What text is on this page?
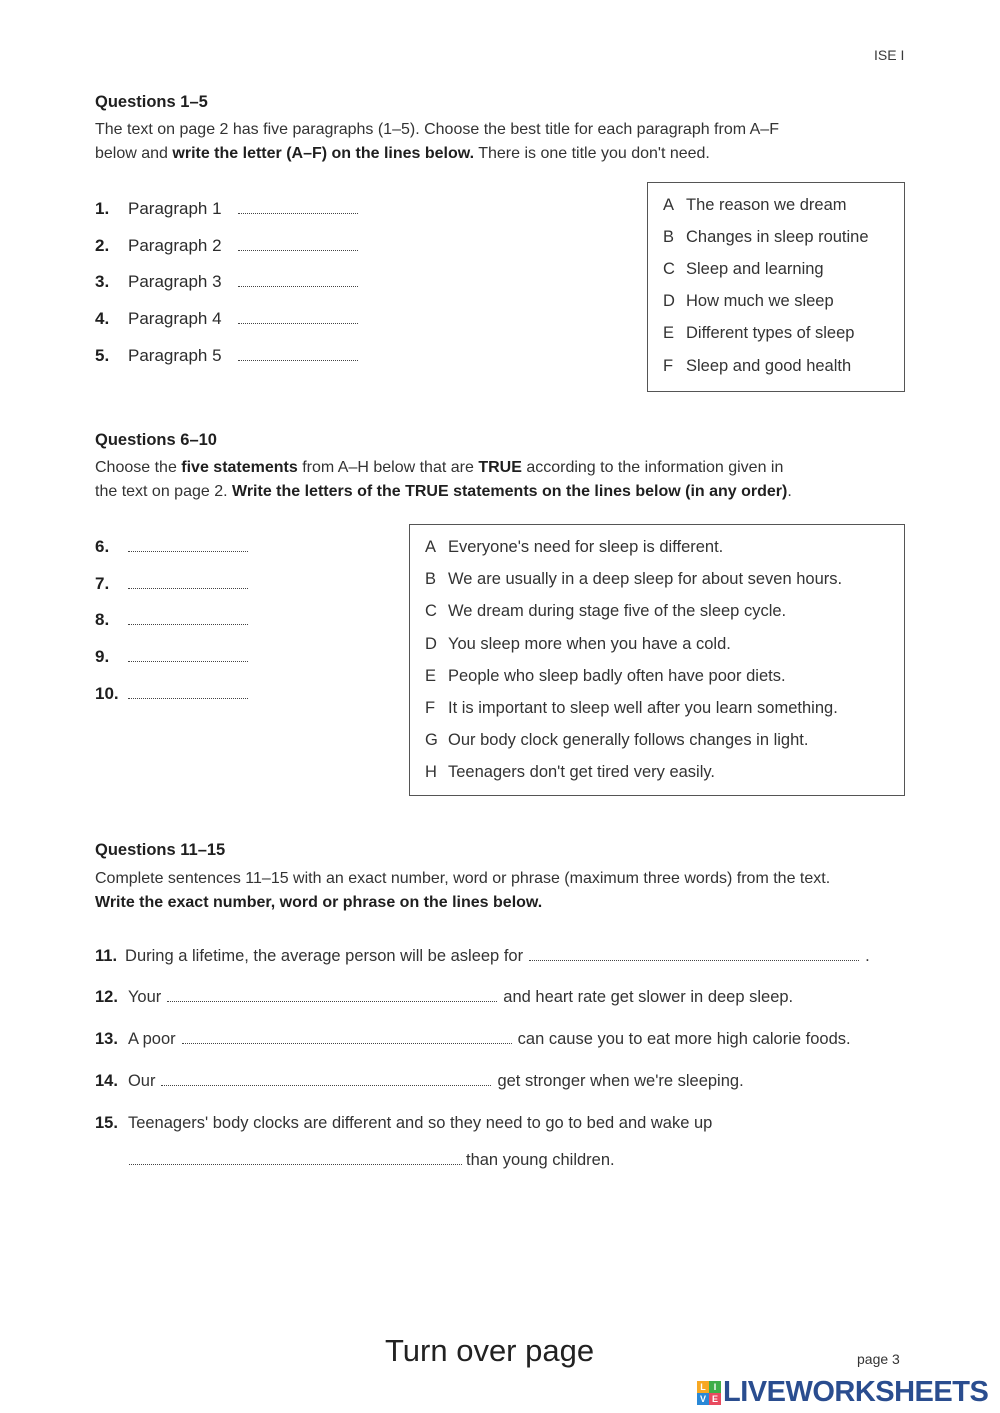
ISE I
Questions 1–5
The text on page 2 has five paragraphs (1–5). Choose the best title for each paragraph from A–F
below and write the letter (A–F) on the lines below. There is one title you don't need.
1.	Paragraph 1
2.	Paragraph 2
3.	Paragraph 3
4.	Paragraph 4
5.	Paragraph 5
A The reason we dream
B Changes in sleep routine
C Sleep and learning
D How much we sleep
E Different types of sleep
F Sleep and good health
Questions 6–10
Choose the five statements from A–H below that are TRUE according to the information given in
the text on page 2. Write the letters of the TRUE statements on the lines below (in any order).
6.
7.
8.
9.
10.
A Everyone's need for sleep is different.
B We are usually in a deep sleep for about seven hours.
C We dream during stage five of the sleep cycle.
D You sleep more when you have a cold.
E People who sleep badly often have poor diets.
F It is important to sleep well after you learn something.
G Our body clock generally follows changes in light.
H Teenagers don't get tired very easily.
Questions 11–15
Complete sentences 11–15 with an exact number, word or phrase (maximum three words) from the text.
Write the exact number, word or phrase on the lines below.
11. During a lifetime, the average person will be asleep for	.
12. Your	and heart rate get slower in deep sleep.
13. A poor	can cause you to eat more high calorie foods.
14. Our	get stronger when we're sleeping.
15. Teenagers' body clocks are different and so they need to go to bed and wake up
than young children.
Turn over page	page 3
L I
V E LIVEWORKSHEETS
